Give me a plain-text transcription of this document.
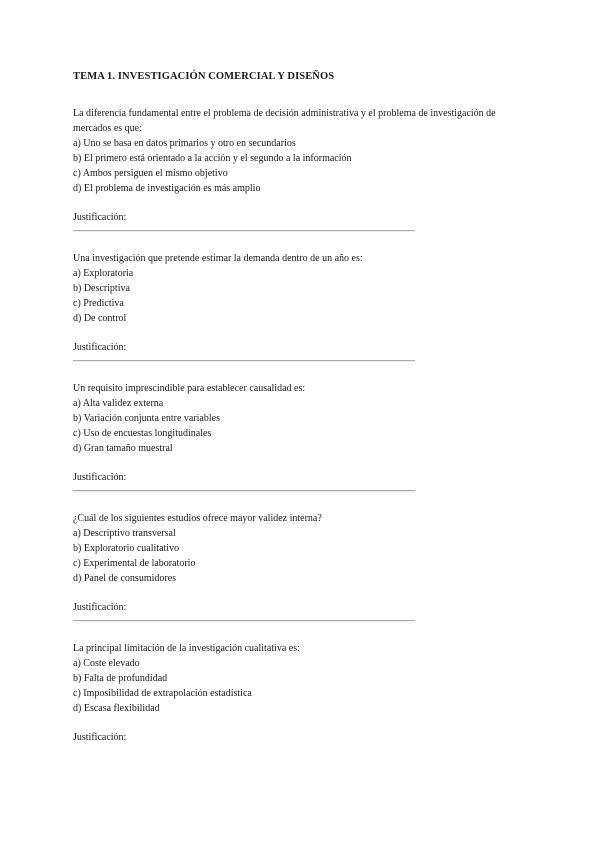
TEMA 1. INVESTIGACIÓN COMERCIAL Y DISEÑOS

La diferencia fundamental entre el problema de decisión administrativa y el problema de investigación de mercados es que:

a) Uno se basa en datos primarios y otro en secundarios

b) El primero está orientado a la acción y el segundo a la información

c) Ambos persiguen el mismo objetivo

d) El problema de investigación es más amplio

Justificación:

——————————————————————————————————————

Una investigación que pretende estimar la demanda dentro de un año es:

a) Exploratoria

b) Descriptiva

c) Predictiva

d) De control

Justificación:

——————————————————————————————————————

Un requisito imprescindible para establecer causalidad es:

a) Alta validez externa

b) Variación conjunta entre variables

c) Uso de encuestas longitudinales

d) Gran tamaño muestral

Justificación:

——————————————————————————————————————

¿Cuál de los siguientes estudios ofrece mayor validez interna?

a) Descriptivo transversal

b) Exploratorio cualitativo

c) Experimental de laboratorio

d) Panel de consumidores

Justificación:

——————————————————————————————————————

La principal limitación de la investigación cualitativa es:

a) Coste elevado

b) Falta de profundidad

c) Imposibilidad de extrapolación estadística

d) Escasa flexibilidad

Justificación:
